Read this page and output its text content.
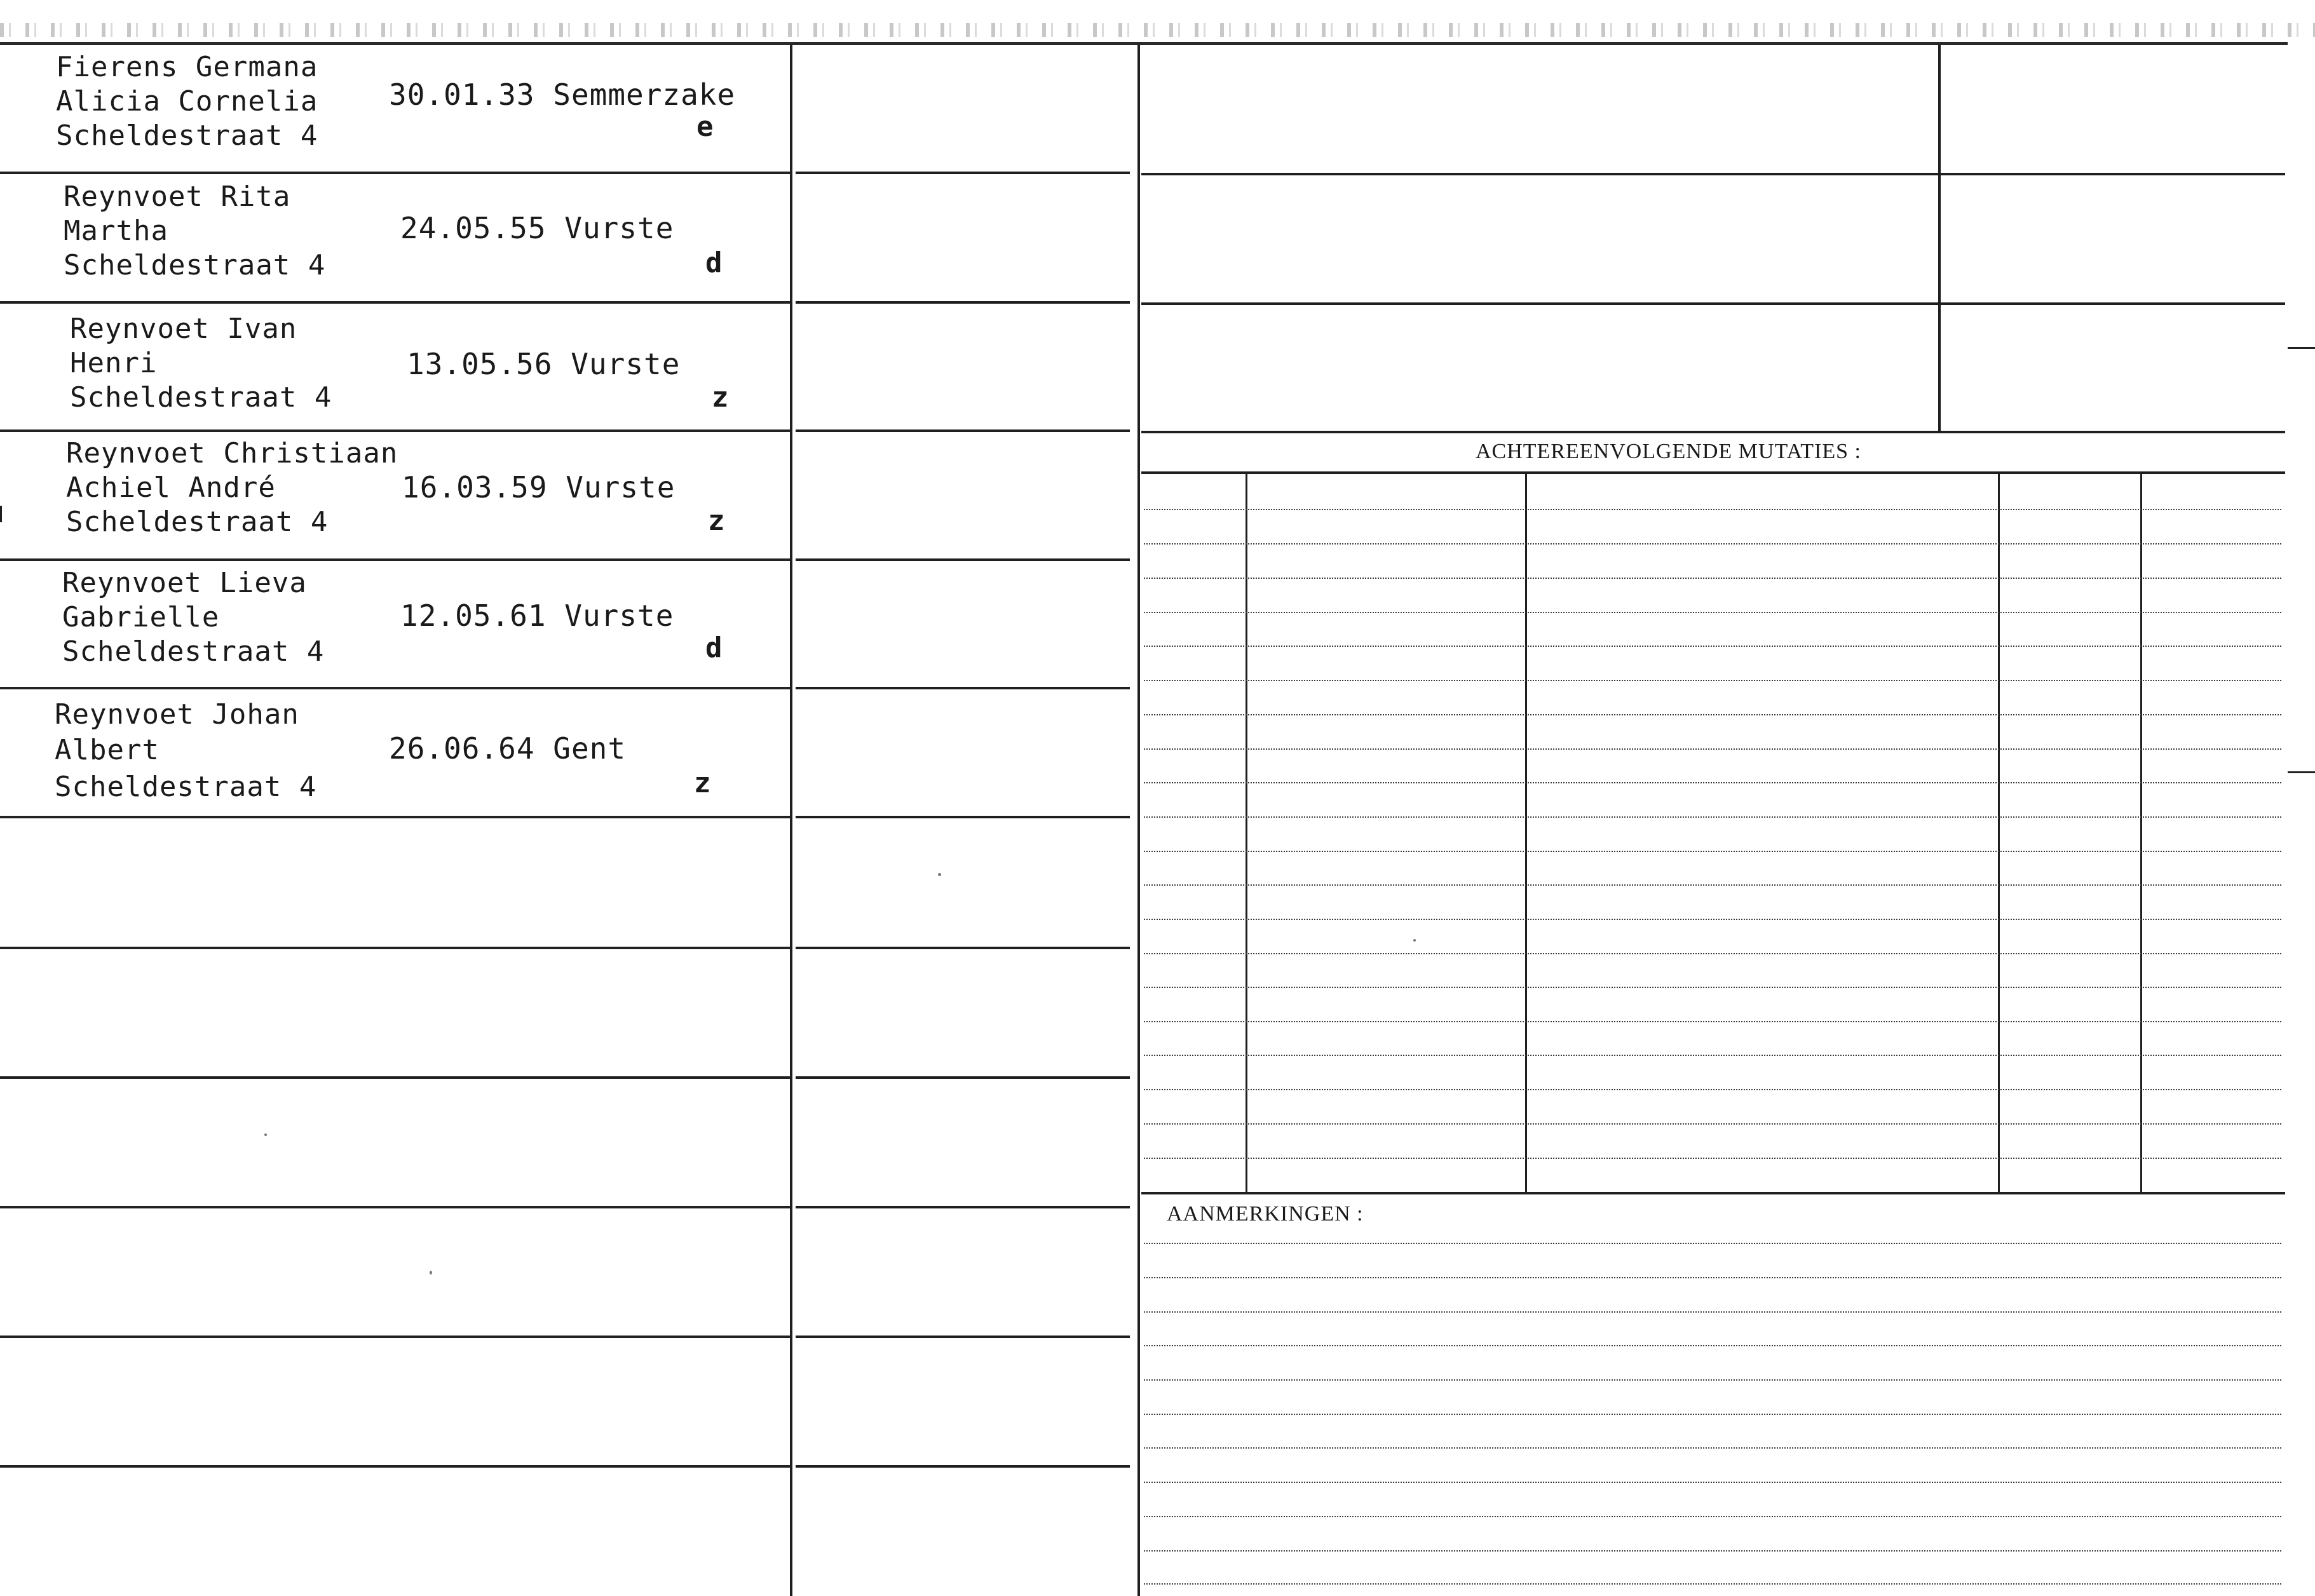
Fierens Germana
Alicia Cornelia
Scheldestraat 4
30.01.33 Semmerzake
e
Reynvoet Rita
Martha
Scheldestraat 4
24.05.55 Vurste
d
Reynvoet Ivan
Henri
Scheldestraat 4
13.05.56 Vurste
z
Reynvoet Christiaan
Achiel André
Scheldestraat 4
16.03.59 Vurste
z
Reynvoet Lieva
Gabrielle
Scheldestraat 4
12.05.61 Vurste
d
Reynvoet Johan
Albert
Scheldestraat 4
26.06.64 Gent
z
ACHTEREENVOLGENDE MUTATIES :
AANMERKINGEN :
